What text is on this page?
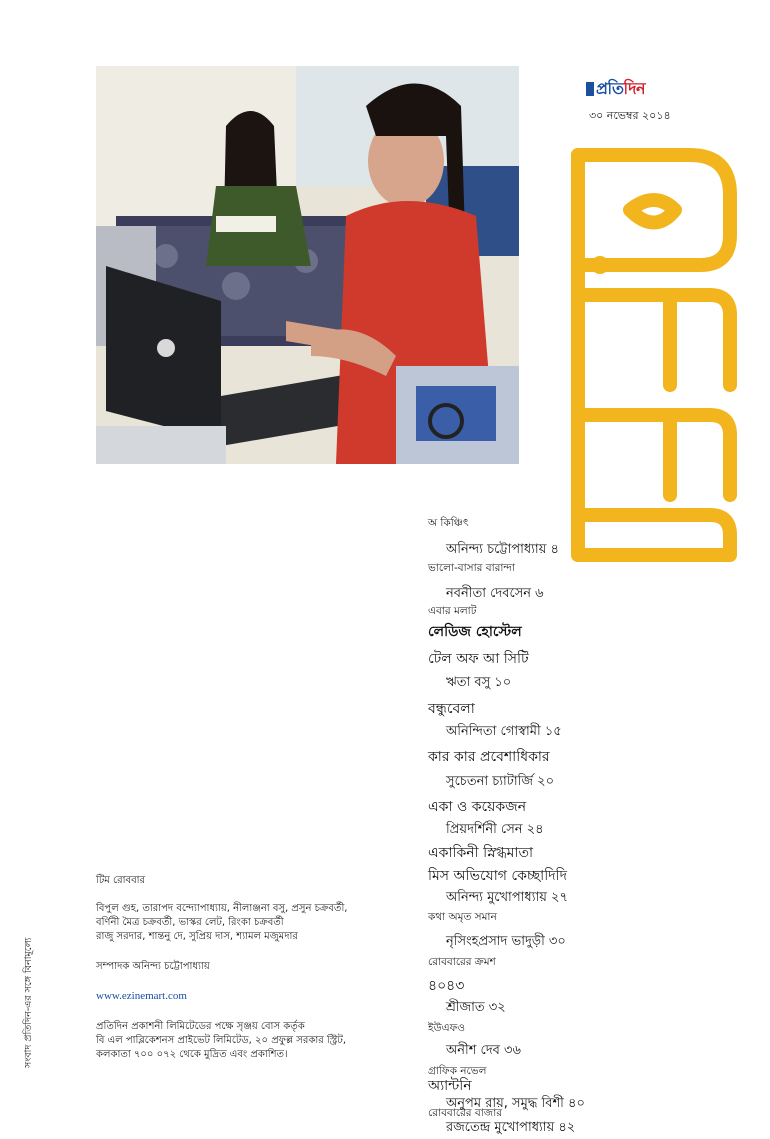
প্রতিদিন
৩০ নভেম্বর ২০১৪
অ কিঞ্চিৎ
অনিন্দ্য চট্টোপাধ্যায় ৪
ভালো-বাসার বারান্দা
নবনীতা দেবসেন ৬
এবার মলাট
লেডিজ হোস্টেল
টেল অফ আ সিটি
ঋতা বসু ১০
বন্ধুবেলা
অনিন্দিতা গোস্বামী ১৫
কার কার প্রবেশাধিকার
সুচেতনা চ্যাটার্জি ২০
একা ও কয়েকজন
প্রিয়দর্শিনী সেন ২৪
একাকিনী স্নিগ্ধমাতা
মিস অভিযোগ কেচ্ছাদিদি
অনিন্দ্য মুখোপাধ্যায় ২৭
কথা অমৃত সমান
নৃসিংহপ্রসাদ ভাদুড়ী ৩০
রোববারের ক্রমশ
৪০৪৩
শ্রীজাত ৩২
ইউএফও
অনীশ দেব ৩৬
গ্রাফিক নভেল
অ্যান্টনি
অনুপম রায়, সমুদ্ধ বিশী ৪০
রোববারের বাজার
রজতেন্দ্র মুখোপাধ্যায় ৪২
টিম রোববার
বিপুল গুহ, তারাপদ বন্দ্যোপাধ্যায়, নীলাঞ্জনা বসু, প্রসুন চক্রবর্তী,
বর্ণিনী মৈত্র চক্রবর্তী, ভাস্কর লেট, রিংকা চক্রবর্তী
রাজু সরদার, শান্তনু দে, সুপ্রিয় দাস, শ্যামল মজুমদার
সম্পাদক অনিন্দ্য চট্টোপাধ্যায়
www.ezinemart.com
প্রতিদিন প্রকাশনী লিমিটেডের পক্ষে সৃঞ্জয় বোস কর্তৃক
বি এল পাব্লিকেশনস প্রাইভেট লিমিটেড, ২০ প্রফুল্ল সরকার স্ট্রিট,
কলকাতা ৭০০ ০৭২ থেকে মুদ্রিত এবং প্রকাশিত।
সংবাদ প্রতিদিন-এর সঙ্গে বিনামূল্যে
